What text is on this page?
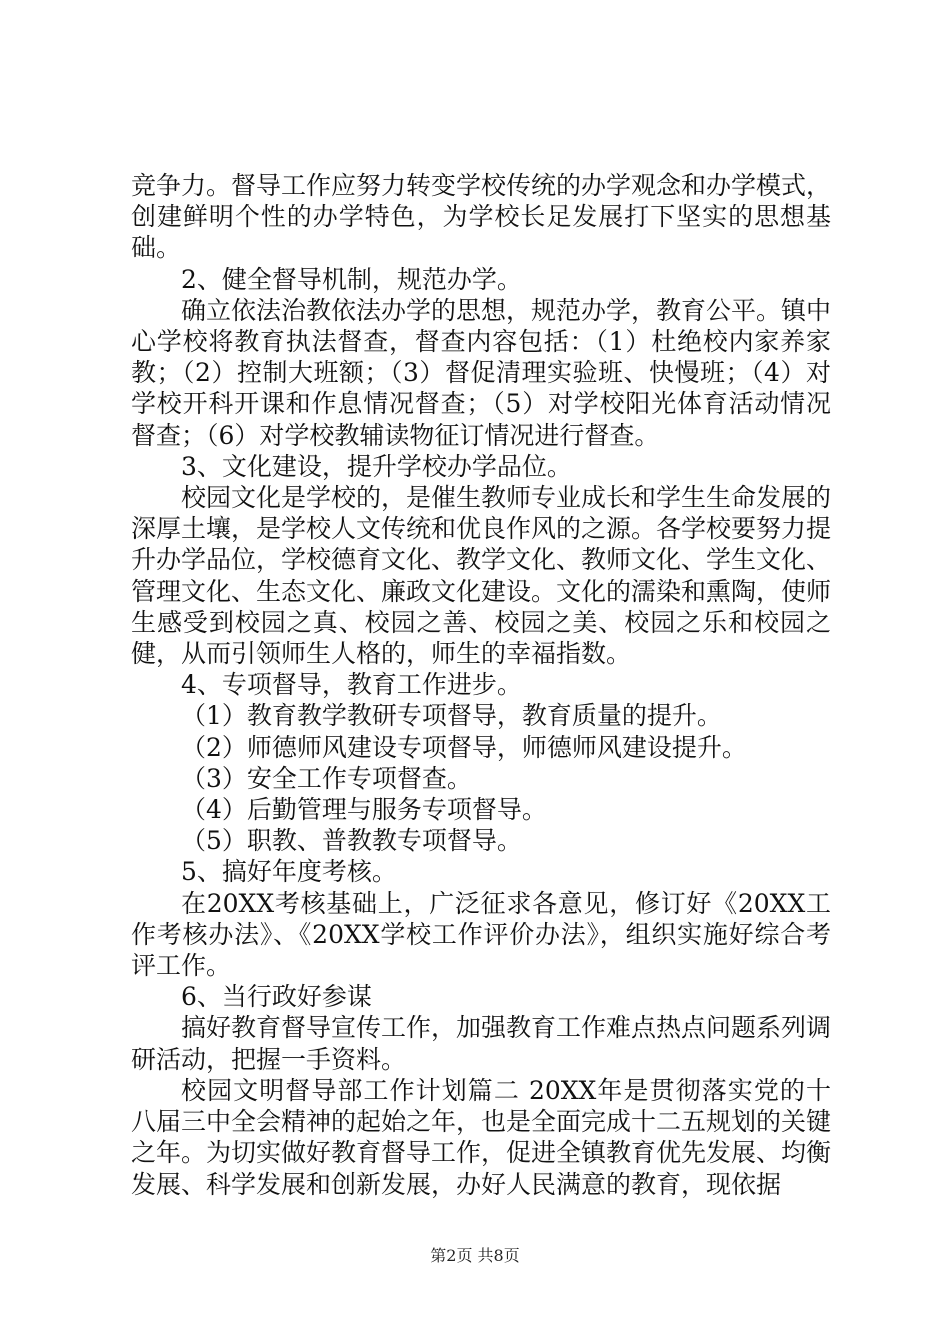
竞争力。督导工作应努力转变学校传统的办学观念和办学模式，创建鲜明个性的办学特色，为学校长足发展打下坚实的思想基础。

2、健全督导机制，规范办学。

确立依法治教依法办学的思想，规范办学，教育公平。镇中心学校将教育执法督查，督查内容包括：（1）杜绝校内家养家教；（2）控制大班额；（3）督促清理实验班、快慢班；（4）对学校开科开课和作息情况督查；（5）对学校阳光体育活动情况督查；（6）对学校教辅读物征订情况进行督查。

3、文化建设，提升学校办学品位。

校园文化是学校的，是催生教师专业成长和学生生命发展的深厚土壤，是学校人文传统和优良作风的之源。各学校要努力提升办学品位，学校德育文化、教学文化、教师文化、学生文化、管理文化、生态文化、廉政文化建设。文化的濡染和熏陶，使师生感受到校园之真、校园之善、校园之美、校园之乐和校园之健，从而引领师生人格的，师生的幸福指数。

4、专项督导，教育工作进步。

（1）教育教学教研专项督导，教育质量的提升。

（2）师德师风建设专项督导，师德师风建设提升。

（3）安全工作专项督查。

（4）后勤管理与服务专项督导。

（5）职教、普教教专项督导。

5、搞好年度考核。

在20XX考核基础上，广泛征求各意见，修订好《20XX工作考核办法》、《20XX学校工作评价办法》，组织实施好综合考评工作。

6、当行政好参谋

搞好教育督导宣传工作，加强教育工作难点热点问题系列调研活动，把握一手资料。

校园文明督导部工作计划篇二 20XX年是贯彻落实党的十八届三中全会精神的起始之年，也是全面完成十二五规划的关键之年。为切实做好教育督导工作，促进全镇教育优先发展、均衡发展、科学发展和创新发展，办好人民满意的教育，现依据

第2页 共8页
